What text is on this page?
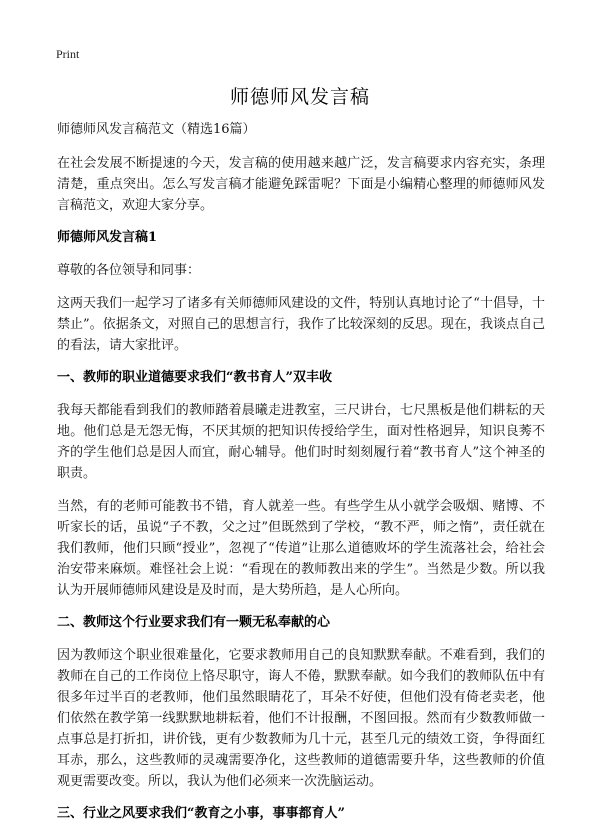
Print
师德师风发言稿
师德师风发言稿范文（精选16篇）

在社会发展不断提速的今天，发言稿的使用越来越广泛，发言稿要求内容充实，条理清楚，重点突出。怎么写发言稿才能避免踩雷呢？下面是小编精心整理的师德师风发言稿范文，欢迎大家分享。

师德师风发言稿1

尊敬的各位领导和同事：

这两天我们一起学习了诸多有关师德师风建设的文件，特别认真地讨论了“十倡导，十禁止”。依据条文，对照自己的思想言行，我作了比较深刻的反思。现在，我谈点自己的看法，请大家批评。

一、教师的职业道德要求我们“教书育人”双丰收

我每天都能看到我们的教师踏着晨曦走进教室，三尺讲台，七尺黑板是他们耕耘的天地。他们总是无怨无悔，不厌其烦的把知识传授给学生，面对性格迥异，知识良莠不齐的学生他们总是因人而宜，耐心辅导。他们时时刻刻履行着“教书育人”这个神圣的职责。

当然，有的老师可能教书不错，育人就差一些。有些学生从小就学会吸烟、赌博、不听家长的话，虽说“子不教，父之过”但既然到了学校，“教不严，师之惰”，责任就在我们教师，他们只顾“授业”，忽视了“传道”让那么道德败坏的学生流落社会，给社会治安带来麻烦。难怪社会上说：“看现在的教师教出来的学生”。当然是少数。所以我认为开展师德师风建设是及时而，是大势所趋，是人心所向。

二、教师这个行业要求我们有一颗无私奉献的心

因为教师这个职业很难量化，它要求教师用自己的良知默默奉献。不难看到，我们的教师在自己的工作岗位上恪尽职守，诲人不倦，默默奉献。如今我们的教师队伍中有很多年过半百的老教师，他们虽然眼睛花了，耳朵不好使，但他们没有倚老卖老，他们依然在教学第一线默默地耕耘着，他们不计报酬，不图回报。然而有少数教师做一点事总是打折扣，讲价钱，更有少数教师为几十元，甚至几元的绩效工资，争得面红耳赤，那么，这些教师的灵魂需要净化，这些教师的道德需要升华，这些教师的价值观更需要改变。所以，我认为他们必须来一次洗脑运动。

三、行业之风要求我们“教育之小事，事事都育人”
